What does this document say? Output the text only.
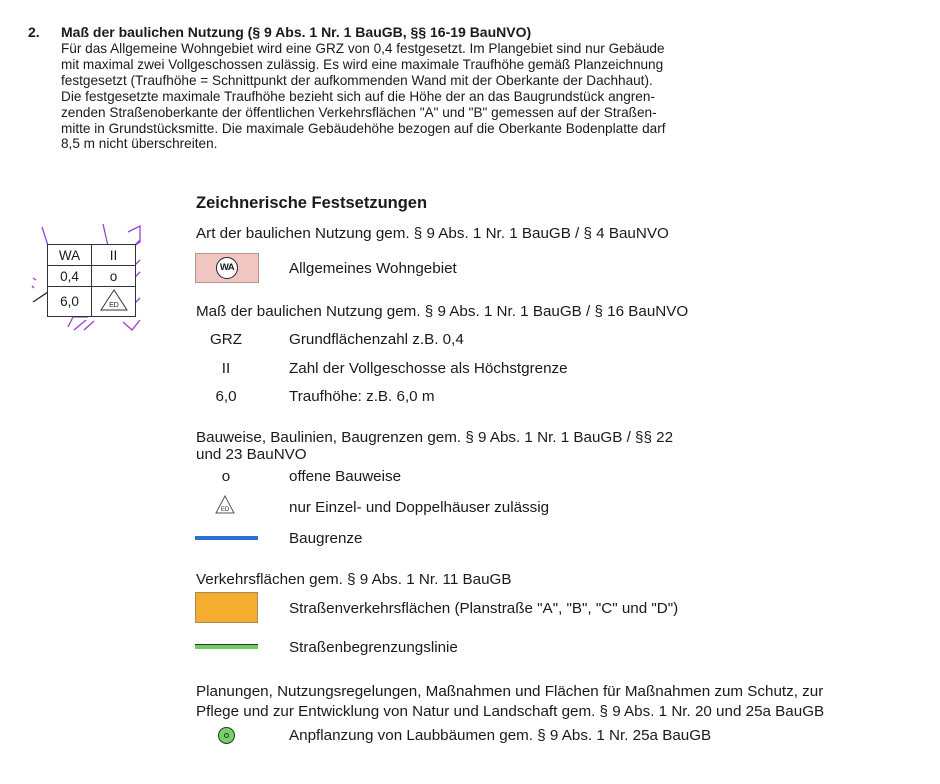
2. Maß der baulichen Nutzung (§ 9 Abs. 1 Nr. 1 BauGB, §§ 16-19 BauNVO)
Für das Allgemeine Wohngebiet wird eine GRZ von 0,4 festgesetzt. Im Plangebiet sind nur Gebäude
mit maximal zwei Vollgeschossen zulässig. Es wird eine maximale Traufhöhe gemäß Planzeichnung
festgesetzt (Traufhöhe = Schnittpunkt der aufkommenden Wand mit der Oberkante der Dachhaut).
Die festgesetzte maximale Traufhöhe bezieht sich auf die Höhe der an das Baugrundstück angren-
zenden Straßenoberkante der öffentlichen Verkehrsflächen "A" und "B" gemessen auf der Straßen-
mitte in Grundstücksmitte. Die maximale Gebäudehöhe bezogen auf die Oberkante Bodenplatte darf
8,5 m nicht überschreiten.
WA	II
0,4	o
6,0	ED
Zeichnerische Festsetzungen
Art der baulichen Nutzung gem. § 9 Abs. 1 Nr. 1 BauGB / § 4 BauNVO
WA	Allgemeines Wohngebiet
Maß der baulichen Nutzung gem. § 9 Abs. 1 Nr. 1 BauGB / § 16 BauNVO
GRZ	Grundflächenzahl z.B. 0,4
II	Zahl der Vollgeschosse als Höchstgrenze
6,0	Traufhöhe: z.B. 6,0 m
Bauweise, Baulinien, Baugrenzen gem. § 9 Abs. 1 Nr. 1 BauGB / §§ 22
und 23 BauNVO
o	offene Bauweise
ED	nur Einzel- und Doppelhäuser zulässig
Baugrenze
Verkehrsflächen gem. § 9 Abs. 1 Nr. 11 BauGB
Straßenverkehrsflächen (Planstraße "A", "B", "C" und "D")
Straßenbegrenzungslinie
Planungen, Nutzungsregelungen, Maßnahmen und Flächen für Maßnahmen zum Schutz, zur
Pflege und zur Entwicklung von Natur und Landschaft gem. § 9 Abs. 1 Nr. 20 und 25a BauGB
Anpflanzung von Laubbäumen gem. § 9 Abs. 1 Nr. 25a BauGB
